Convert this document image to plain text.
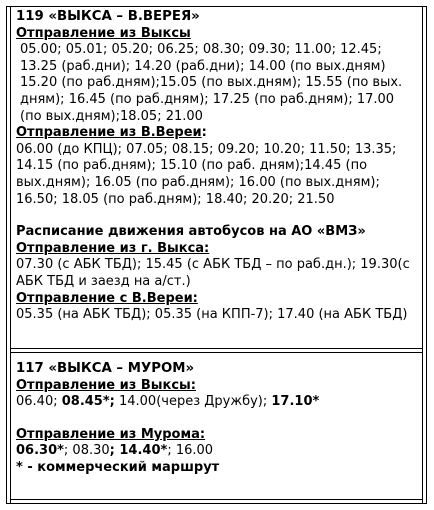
119 «ВЫКСА – В.ВЕРЕЯ»
Отправление из Выксы
05.00; 05.01; 05.20; 06.25; 08.30; 09.30; 11.00; 12.45; 13.25 (раб.дни); 14.20 (раб.дни); 14.00 (по вых.дням) 15.20 (по раб.дням);15.05 (по вых.дням); 15.55 (по вых. дням); 16.45 (по раб.дням); 17.25 (по раб.дням); 17.00 (по вых.дням);18.05; 21.00
Отправление из В.Вереи:
06.00 (до КПЦ); 07.05; 08.15; 09.20; 10.20; 11.50; 13.35; 14.15 (по раб.дням); 15.10 (по раб. дням);14.45 (по вых.дням); 16.05 (по раб.дням); 16.00 (по вых.дням); 16.50; 18.05 (по раб.дням); 18.40; 20.20; 21.50
Расписание движения автобусов на АО «ВМЗ»
Отправление из г. Выкса:
07.30 (с АБК ТБД); 15.45 (с АБК ТБД – по раб.дн.); 19.30(с АБК ТБД и заезд на а/ст.)
Отправление с В.Вереи:
05.35 (на АБК ТБД); 05.35 (на КПП-7); 17.40 (на АБК ТБД)
117 «ВЫКСА – МУРОМ»
Отправление из Выксы:
06.40; 08.45*; 14.00(через Дружбу); 17.10*
Отправление из Мурома:
06.30*; 08.30; 14.40*; 16.00
* - коммерческий маршрут
